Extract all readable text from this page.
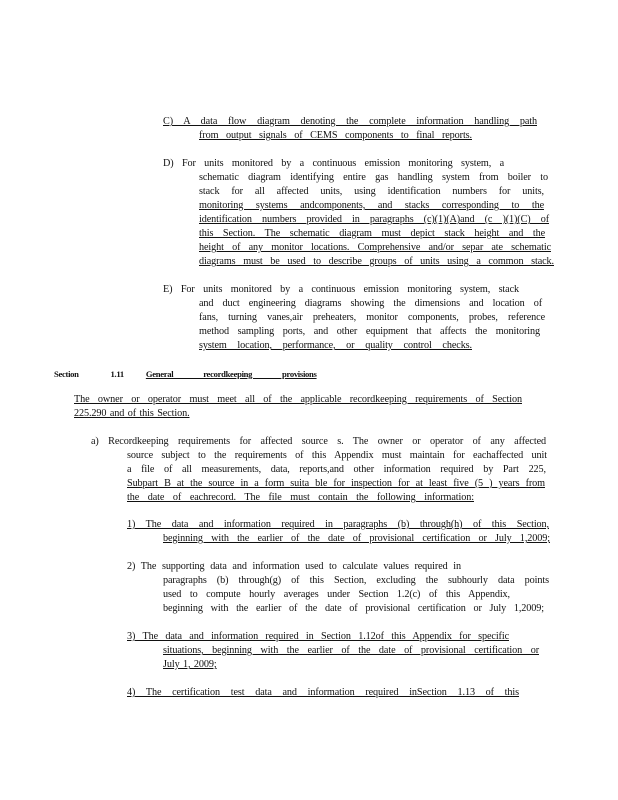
C) A data flow diagram denoting the complete information handling path
from output signals of CEMS components to final reports.
D) For units monitored by a continuous emission monitoring system, a
schematic diagram identifying entire gas handling system from boiler to
stack for all affected units, using identification numbers for units,
monitoring systems andcomponents, and stacks corresponding to the
identification numbers provided in paragraphs (c)(1)(A)and (c )(1)(C) of
this Section. The schematic diagram must depict stack height and the
height of any monitor locations. Comprehensive and/or separ ate schematic
diagrams must be used to describe groups of units using a common stack.
E) For units monitored by a continuous emission monitoring system, stack
and duct engineering diagrams showing the dimensions and location of
fans, turning vanes,air preheaters, monitor components, probes, reference
method sampling ports, and other equipment that affects the monitoring
system location, performance, or quality control checks.
Section 1.11	General recordkeeping provisions
The owner or operator must meet all of the applicable recordkeeping requirements of Section
225.290 and of this Section.
a) Recordkeeping requirements for affected source s. The owner or operator of any affected
source subject to the requirements of this Appendix must maintain for eachaffected unit
a file of all measurements, data, reports,and other information required by Part 225,
Subpart B at the source in a form suita ble for inspection for at least five (5 ) years from
the date of eachrecord. The file must contain the following information:
1) The data and information required in paragraphs (b) through(h) of this Section,
beginning with the earlier of the date of provisional certification or July 1,2009;
2) The supporting data and information used to calculate values required in
paragraphs (b) through(g) of this Section, excluding the subhourly data points
used to compute hourly averages under Section 1.2(c) of this Appendix,
beginning with the earlier of the date of provisional certification or July 1,2009;
3) The data and information required in Section 1.12of this Appendix for specific
situations, beginning with the earlier of the date of provisional certification or
July 1, 2009;
4) The certification test data and information required inSection 1.13 of this
